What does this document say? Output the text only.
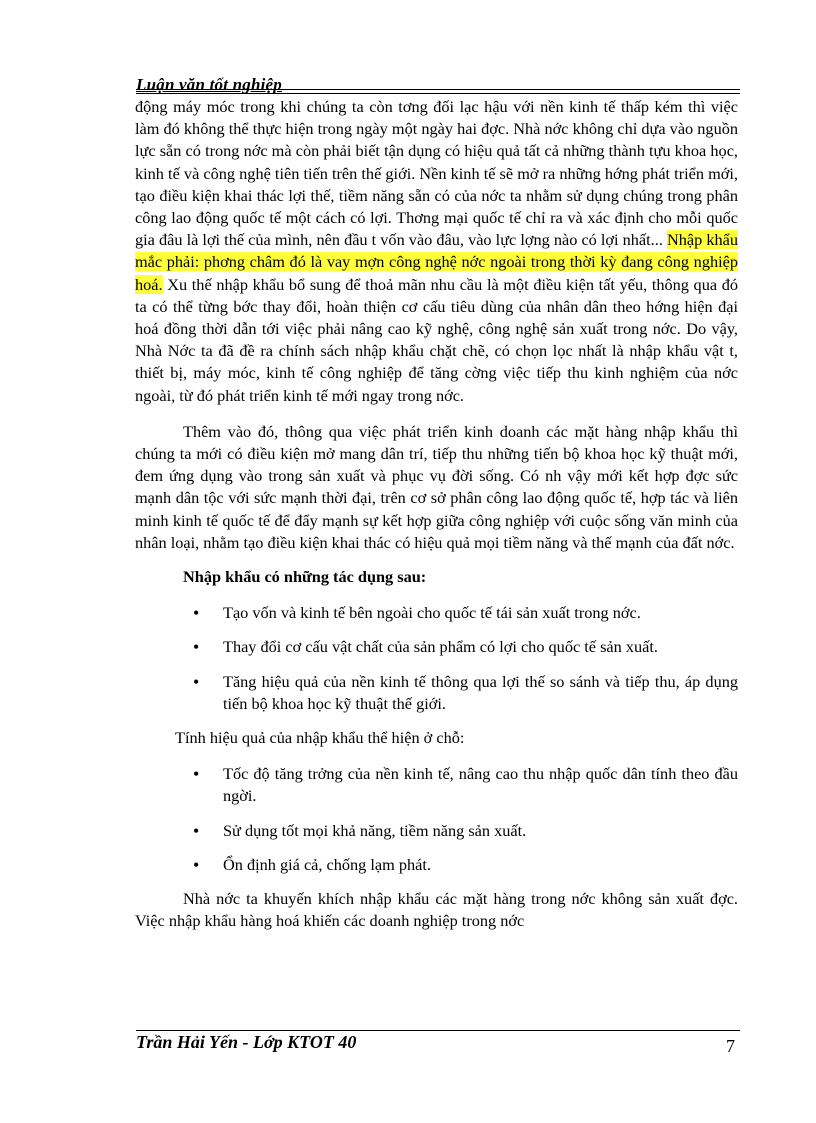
Luận văn tốt nghiệp

động máy móc trong khi chúng ta còn tơng đối lạc hậu với nền kinh tế thấp kém thì việc làm đó không thể thực hiện trong ngày một ngày hai đợc. Nhà nớc không chỉ dựa vào nguồn lực sẵn có trong nớc mà còn phải biết tận dụng có hiệu quả tất cả những thành tựu khoa học, kinh tế và công nghệ tiên tiến trên thế giới. Nền kinh tế sẽ mở ra những hớng phát triển mới, tạo điều kiện khai thác lợi thế, tiềm năng sẵn có của nớc ta nhằm sử dụng chúng trong phân công lao động quốc tế một cách có lợi. Thơng mại quốc tế chỉ ra và xác định cho mỗi quốc gia đâu là lợi thế của mình, nên đầu t vốn vào đâu, vào lực lợng nào có lợi nhất... Nhập khẩu mắc phải: phơng châm đó là vay mợn công nghệ nớc ngoài trong thời kỳ đang công nghiệp hoá. Xu thế nhập khẩu bổ sung để thoả mãn nhu cầu là một điều kiện tất yếu, thông qua đó ta có thể từng bớc thay đổi, hoàn thiện cơ cấu tiêu dùng của nhân dân theo hớng hiện đại hoá đồng thời dẫn tới việc phải nâng cao kỹ nghệ, công nghệ sản xuất trong nớc. Do vậy, Nhà Nớc ta đã đề ra chính sách nhập khẩu chặt chẽ, có chọn lọc nhất là nhập khẩu vật t, thiết bị, máy móc, kinh tế công nghiệp để tăng cờng việc tiếp thu kinh nghiệm của nớc ngoài, từ đó phát triển kinh tế mới ngay trong nớc.

Thêm vào đó, thông qua việc phát triển kinh doanh các mặt hàng nhập khẩu thì chúng ta mới có điều kiện mở mang dân trí, tiếp thu những tiến bộ khoa học kỹ thuật mới, đem ứng dụng vào trong sản xuất và phục vụ đời sống. Có nh vậy mới kết hợp đợc sức mạnh dân tộc với sức mạnh thời đại, trên cơ sở phân công lao động quốc tế, hợp tác và liên minh kinh tế quốc tế để đẩy mạnh sự kết hợp giữa công nghiệp với cuộc sống văn minh của nhân loại, nhằm tạo điều kiện khai thác có hiệu quả mọi tiềm năng và thế mạnh của đất nớc.

Nhập khẩu có những tác dụng sau:

• Tạo vốn và kinh tế bên ngoài cho quốc tế tái sản xuất trong nớc.
• Thay đổi cơ cấu vật chất của sản phẩm có lợi cho quốc tế sản xuất.
• Tăng hiệu quả của nền kinh tế thông qua lợi thế so sánh và tiếp thu, áp dụng tiến bộ khoa học kỹ thuật thế giới.

Tính hiệu quả của nhập khẩu thể hiện ở chỗ:

• Tốc độ tăng trởng của nền kinh tế, nâng cao thu nhập quốc dân tính theo đầu ngời.
• Sử dụng tốt mọi khả năng, tiềm năng sản xuất.
• Ổn định giá cả, chống lạm phát.

Nhà nớc ta khuyến khích nhập khẩu các mặt hàng trong nớc không sản xuất đợc. Việc nhập khẩu hàng hoá khiến các doanh nghiệp trong nớc

Trần Hải Yến - Lớp KTOT 40	7
